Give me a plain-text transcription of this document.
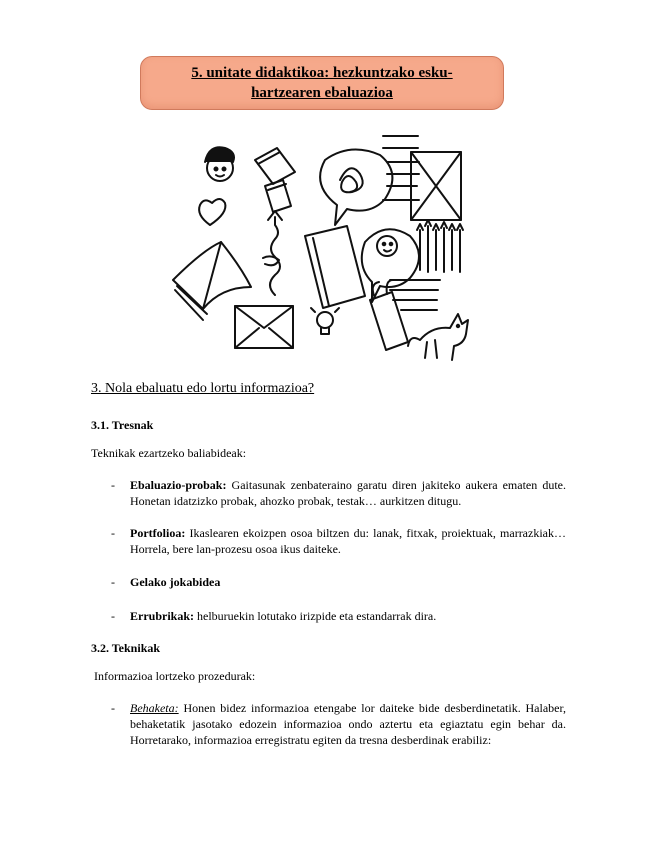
5. unitate didaktikoa: hezkuntzako esku-hartzearen ebaluazioa
3. Nola ebaluatu edo lortu informazioa?
3.1. Tresnak
Teknikak ezartzeko baliabideak:
-	Ebaluazio-probak: Gaitasunak zenbateraino garatu diren jakiteko aukera ematen dute. Honetan idatzizko probak, ahozko probak, testak… aurkitzen ditugu.
-	Portfolioa: Ikaslearen ekoizpen osoa biltzen du: lanak, fitxak, proiektuak, marrazkiak… Horrela, bere lan-prozesu osoa ikus daiteke.
-	Gelako jokabidea
-	Errubrikak: helburuekin lotutako irizpide eta estandarrak dira.
3.2. Teknikak
Informazioa lortzeko prozedurak:
-	Behaketa: Honen bidez informazioa etengabe lor daiteke bide desberdinetatik. Halaber, behaketatik jasotako edozein informazioa ondo aztertu eta egiaztatu egin behar da. Horretarako, informazioa erregistratu egiten da tresna desberdinak erabiliz:
